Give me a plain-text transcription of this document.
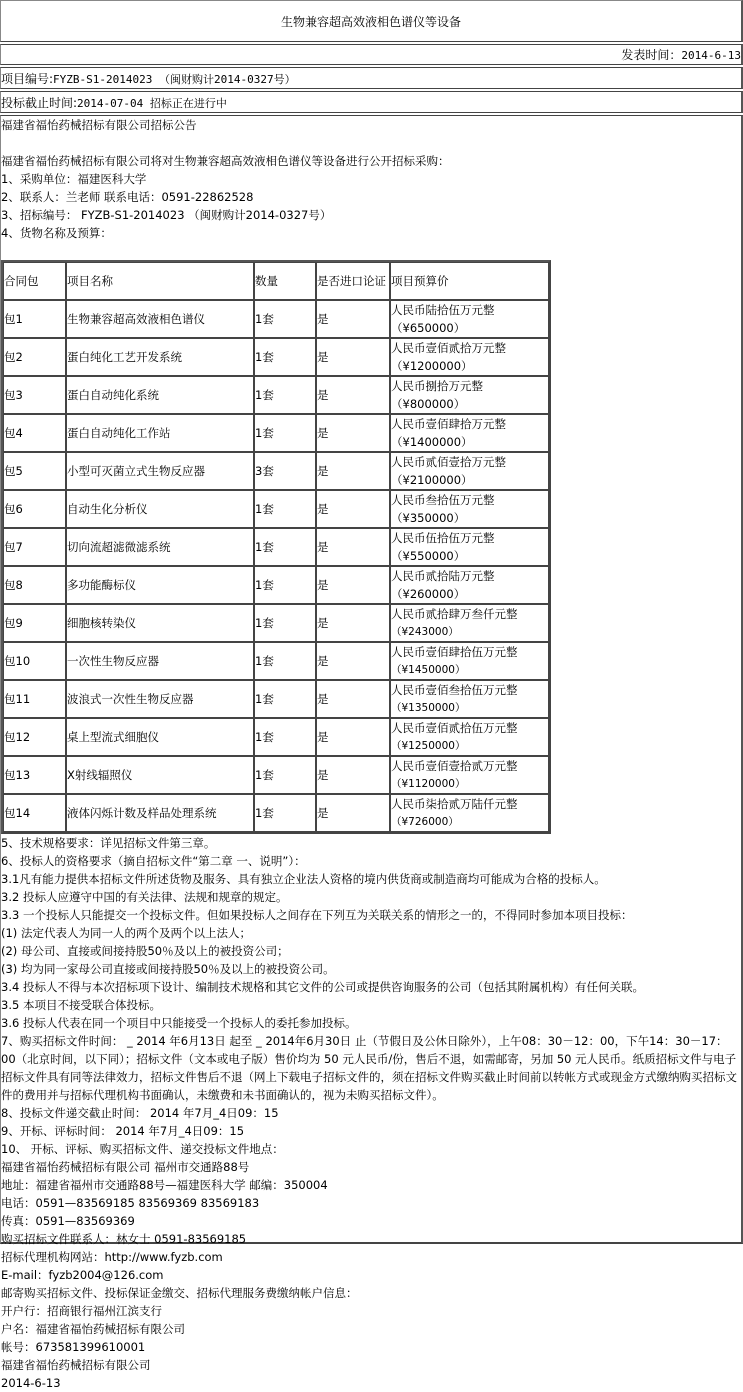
生物兼容超高效液相色谱仪等设备
发表时间：2014-6-13
项目编号:FYZB-S1-2014023 （闽财购计2014-0327号）
投标截止时间:2014-07-04 招标正在进行中
福建省福怡药械招标有限公司招标公告
福建省福怡药械招标有限公司将对生物兼容超高效液相色谱仪等设备进行公开招标采购：
1、采购单位：福建医科大学
2、联系人：兰老师 联系电话：0591-22862528
3、招标编号： FYZB-S1-2014023 （闽财购计2014-0327号）
4、货物名称及预算：
合同包	项目名称	数量	是否进口论证	项目预算价
包1	生物兼容超高效液相色谱仪	1套	是	人民币陆拾伍万元整（¥650000）
包2	蛋白纯化工艺开发系统	1套	是	人民币壹佰贰拾万元整（¥1200000）
包3	蛋白自动纯化系统	1套	是	人民币捌拾万元整（¥800000）
包4	蛋白自动纯化工作站	1套	是	人民币壹佰肆拾万元整（¥1400000）
包5	小型可灭菌立式生物反应器	3套	是	人民币贰佰壹拾万元整（¥2100000）
包6	自动生化分析仪	1套	是	人民币叁拾伍万元整（¥350000）
包7	切向流超滤微滤系统	1套	是	人民币伍拾伍万元整（¥550000）
包8	多功能酶标仪	1套	是	人民币贰拾陆万元整（¥260000）
包9	细胞核转染仪	1套	是	人民币贰拾肆万叁仟元整
（¥243000）

包10	一次性生物反应器	1套	是	人民币壹佰肆拾伍万元整
（¥1450000）

包11	波浪式一次性生物反应器	1套	是	人民币壹佰叁拾伍万元整
（¥1350000）

包12	桌上型流式细胞仪	1套	是	人民币壹佰贰拾伍万元整
（¥1250000）

包13	X射线辐照仪	1套	是	人民币壹佰壹拾贰万元整
（¥1120000）

包14	液体闪烁计数及样品处理系统	1套	是	人民币柒拾贰万陆仟元整
（¥726000）
5、技术规格要求：详见招标文件第三章。
6、投标人的资格要求（摘自招标文件“第二章 一、说明”）：
3.1凡有能力提供本招标文件所述货物及服务、具有独立企业法人资格的境内供货商或制造商均可能成为合格的投标人。
3.2 投标人应遵守中国的有关法律、法规和规章的规定。
3.3 一个投标人只能提交一个投标文件。但如果投标人之间存在下列互为关联关系的情形之一的，不得同时参加本项目投标：
(1) 法定代表人为同一人的两个及两个以上法人；
(2) 母公司、直接或间接持股50％及以上的被投资公司；
(3) 均为同一家母公司直接或间接持股50％及以上的被投资公司。
3.4 投标人不得与本次招标项下设计、编制技术规格和其它文件的公司或提供咨询服务的公司（包括其附属机构）有任何关联。
3.5 本项目不接受联合体投标。
3.6 投标人代表在同一个项目中只能接受一个投标人的委托参加投标。
7、购买招标文件时间： _ 2014 年6月13日 起至 _ 2014年6月30日 止（节假日及公休日除外），上午08：30－12：00，下午14：30－17：00（北京时间，以下同）；招标文件（文本或电子版）售价均为 50 元人民币/份，售后不退，如需邮寄，另加 50 元人民币。纸质招标文件与电子招标文件具有同等法律效力，招标文件售后不退（网上下载电子招标文件的，须在招标文件购买截止时间前以转帐方式或现金方式缴纳购买招标文件的费用并与招标代理机构书面确认，未缴费和未书面确认的，视为未购买招标文件）。
8、投标文件递交截止时间： 2014 年7月_4日09：15
9、开标、评标时间： 2014 年7月_4日09：15
10、 开标、评标、购买招标文件、递交投标文件地点：
福建省福怡药械招标有限公司 福州市交通路88号
地址：福建省福州市交通路88号—福建医科大学 邮编：350004
电话：0591—83569185 83569369 83569183
传真：0591—83569369
购买招标文件联系人：林女士 0591-83569185
招标代理机构网站：http://www.fyzb.com
E-mail：fyzb2004@126.com
邮寄购买招标文件、投标保证金缴交、招标代理服务费缴纳帐户信息：
开户行：招商银行福州江滨支行
户名：福建省福怡药械招标有限公司
帐号：673581399610001
福建省福怡药械招标有限公司
2014-6-13
